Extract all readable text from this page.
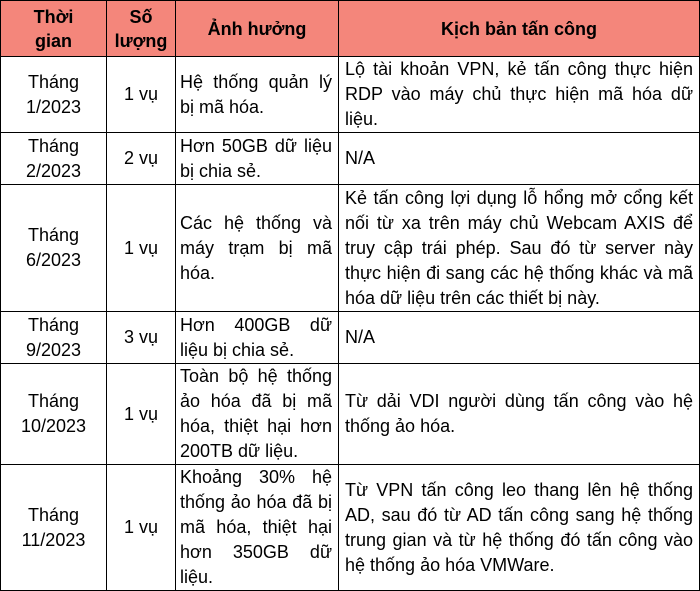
Thời gian	Số lượng	Ảnh hưởng	Kịch bản tấn công
Tháng 1/2023	1 vụ	Hệ thống quản lý bị mã hóa.	Lộ tài khoản VPN, kẻ tấn công thực hiện RDP vào máy chủ thực hiện mã hóa dữ liệu.
Tháng 2/2023	2 vụ	Hơn 50GB dữ liệu bị chia sẻ.	N/A
Tháng 6/2023	1 vụ	Các hệ thống và máy trạm bị mã hóa.	Kẻ tấn công lợi dụng lỗ hổng mở cổng kết nối từ xa trên máy chủ Webcam AXIS để truy cập trái phép. Sau đó từ server này thực hiện đi sang các hệ thống khác và mã hóa dữ liệu trên các thiết bị này.
Tháng 9/2023	3 vụ	Hơn 400GB dữ liệu bị chia sẻ.	N/A
Tháng 10/2023	1 vụ	Toàn bộ hệ thống ảo hóa đã bị mã hóa, thiệt hại hơn 200TB dữ liệu.	Từ dải VDI người dùng tấn công vào hệ thống ảo hóa.
Tháng 11/2023	1 vụ	Khoảng 30% hệ thống ảo hóa đã bị mã hóa, thiệt hại hơn 350GB dữ liệu.	Từ VPN tấn công leo thang lên hệ thống AD, sau đó từ AD tấn công sang hệ thống trung gian và từ hệ thống đó tấn công vào hệ thống ảo hóa VMWare.
